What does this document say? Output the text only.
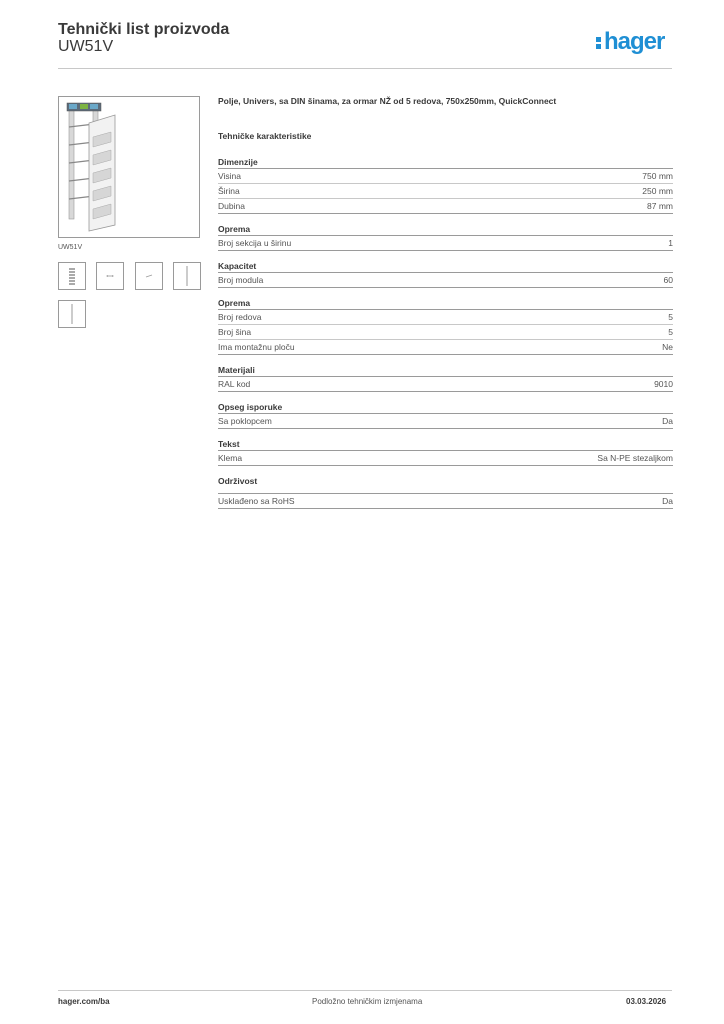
Tehnički list proizvoda
UW51V	hager
UW51V
Polje, Univers, sa DIN šinama, za ormar NŽ od 5 redova, 750x250mm, QuickConnect
Tehničke karakteristike
Dimenzije
Visina	750 mm
Širina	250 mm
Dubina	87 mm
Oprema
Broj sekcija u širinu	1
Kapacitet
Broj modula	60
Oprema
Broj redova	5
Broj šina	5
Ima montažnu ploču	Ne
Materijali
RAL kod	9010
Opseg isporuke
Sa poklopcem	Da
Tekst
Klema	Sa N-PE stezaljkom
Održivost
Usklađeno sa RoHS	Da
hager.com/ba	Podložno tehničkim izmjenama	03.03.2026
